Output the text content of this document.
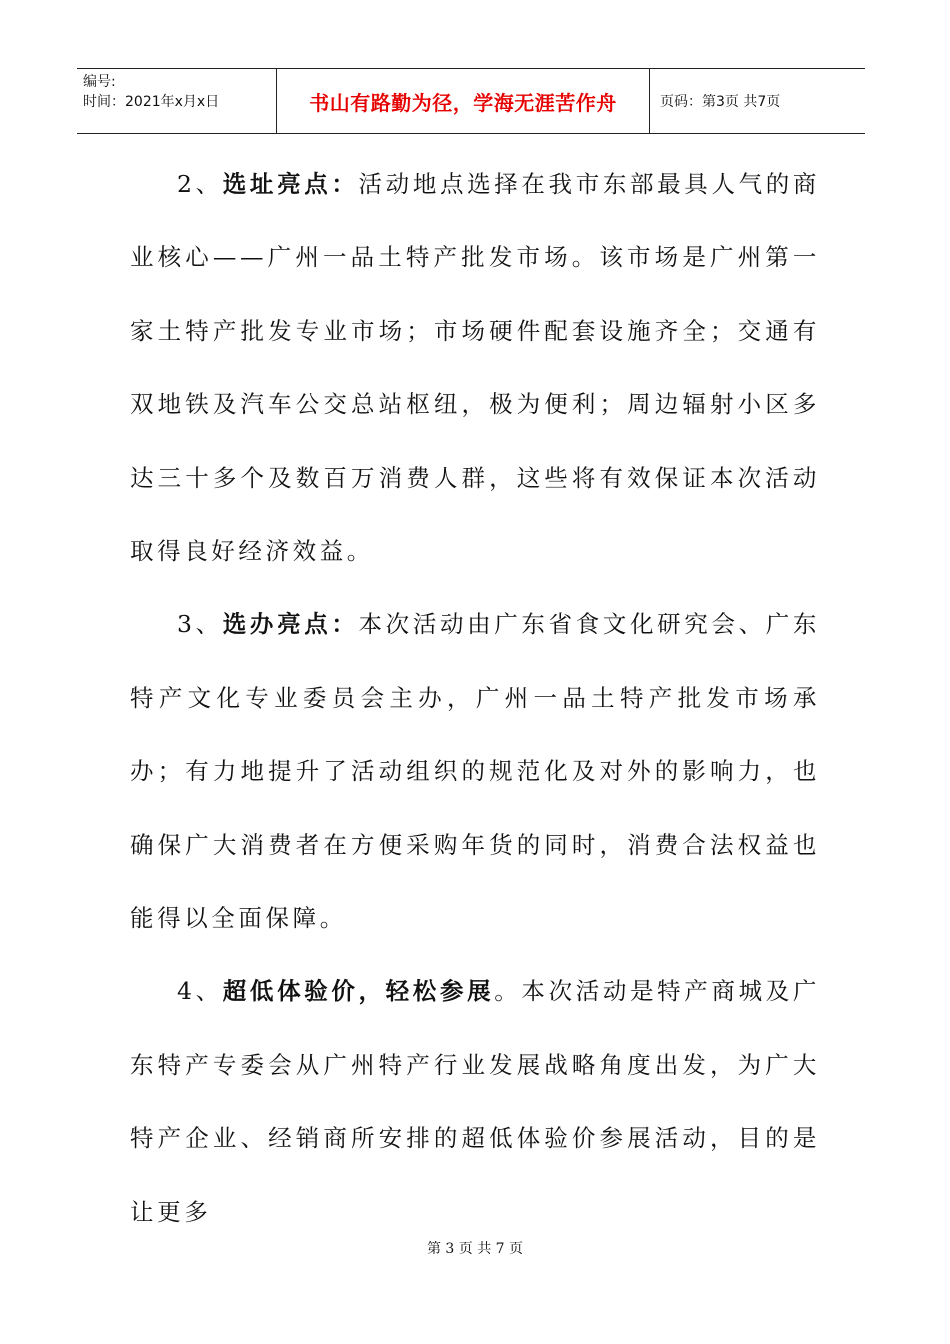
编号:
时间：2021年x月x日	书山有路勤为径，学海无涯苦作舟	页码：第3页 共7页

2、选址亮点：活动地点选择在我市东部最具人气的商业核心——广州一品土特产批发市场。该市场是广州第一家土特产批发专业市场；市场硬件配套设施齐全；交通有双地铁及汽车公交总站枢纽，极为便利；周边辐射小区多达三十多个及数百万消费人群，这些将有效保证本次活动取得良好经济效益。

3、选办亮点：本次活动由广东省食文化研究会、广东特产文化专业委员会主办，广州一品土特产批发市场承办；有力地提升了活动组织的规范化及对外的影响力，也确保广大消费者在方便采购年货的同时，消费合法权益也能得以全面保障。

4、超低体验价，轻松参展。本次活动是特产商城及广东特产专委会从广州特产行业发展战略角度出发，为广大特产企业、经销商所安排的超低体验价参展活动，目的是让更多

第 3 页 共 7 页
